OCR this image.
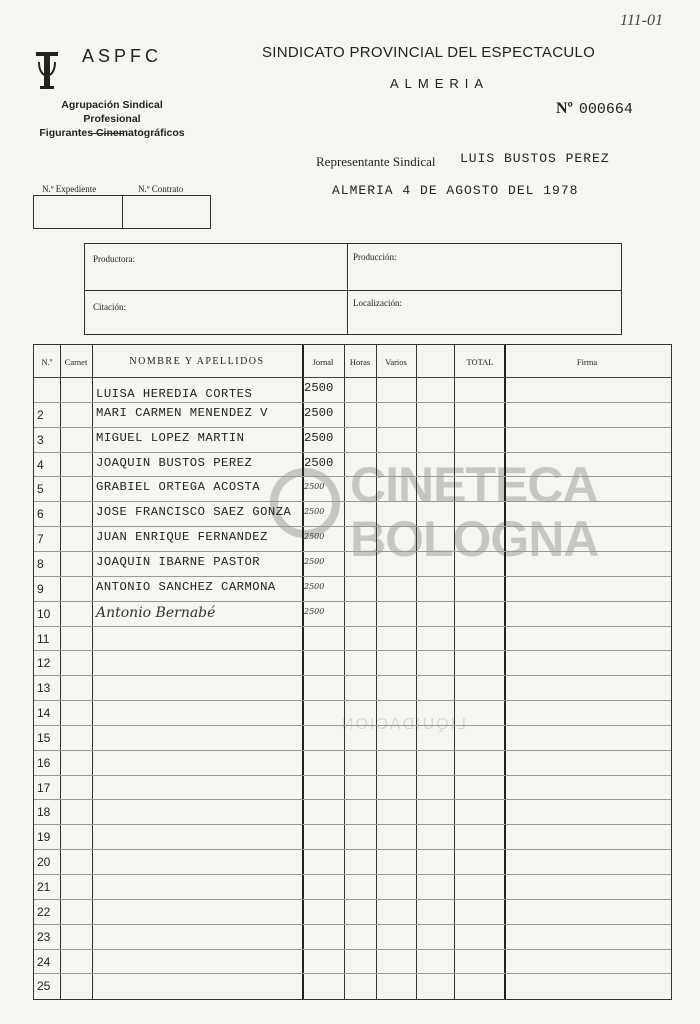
111-01
ASPFC
Agrupación Sindical Profesional
Figurantes Cinematográficos
SINDICATO PROVINCIAL DEL ESPECTACULO
ALMERIA
Nº 000664
Representante Sindical LUIS BUSTOS PEREZ
ALMERIA 4 DE AGOSTO DEL 1978
N.º Expediente	N.º Contrato
Productora:	Producción:
Citación:	Localización:
CINETECA
BOLOGNA
LIQUIDACION
N.º	Carnet	NOMBRE Y APELLIDOS	Jornal	Horas	Varios	TOTAL	Firma
LUISA HEREDIA CORTES	2500
2	MARI CARMEN MENENDEZ V	2500
3	MIGUEL LOPEZ MARTIN	2500
4	JOAQUIN BUSTOS PEREZ	2500
5	GRABIEL ORTEGA ACOSTA	2500
6	JOSE FRANCISCO SAEZ GONZA 2500
7	JUAN ENRIQUE FERNANDEZ	2500
8	JOAQUIN IBARNE PASTOR	2500
9	ANTONIO SANCHEZ CARMONA	2500
10	Antonio Bernabé	2500
11
12
13
14
15
16
17
18
19
20
21
22
23
24
25
